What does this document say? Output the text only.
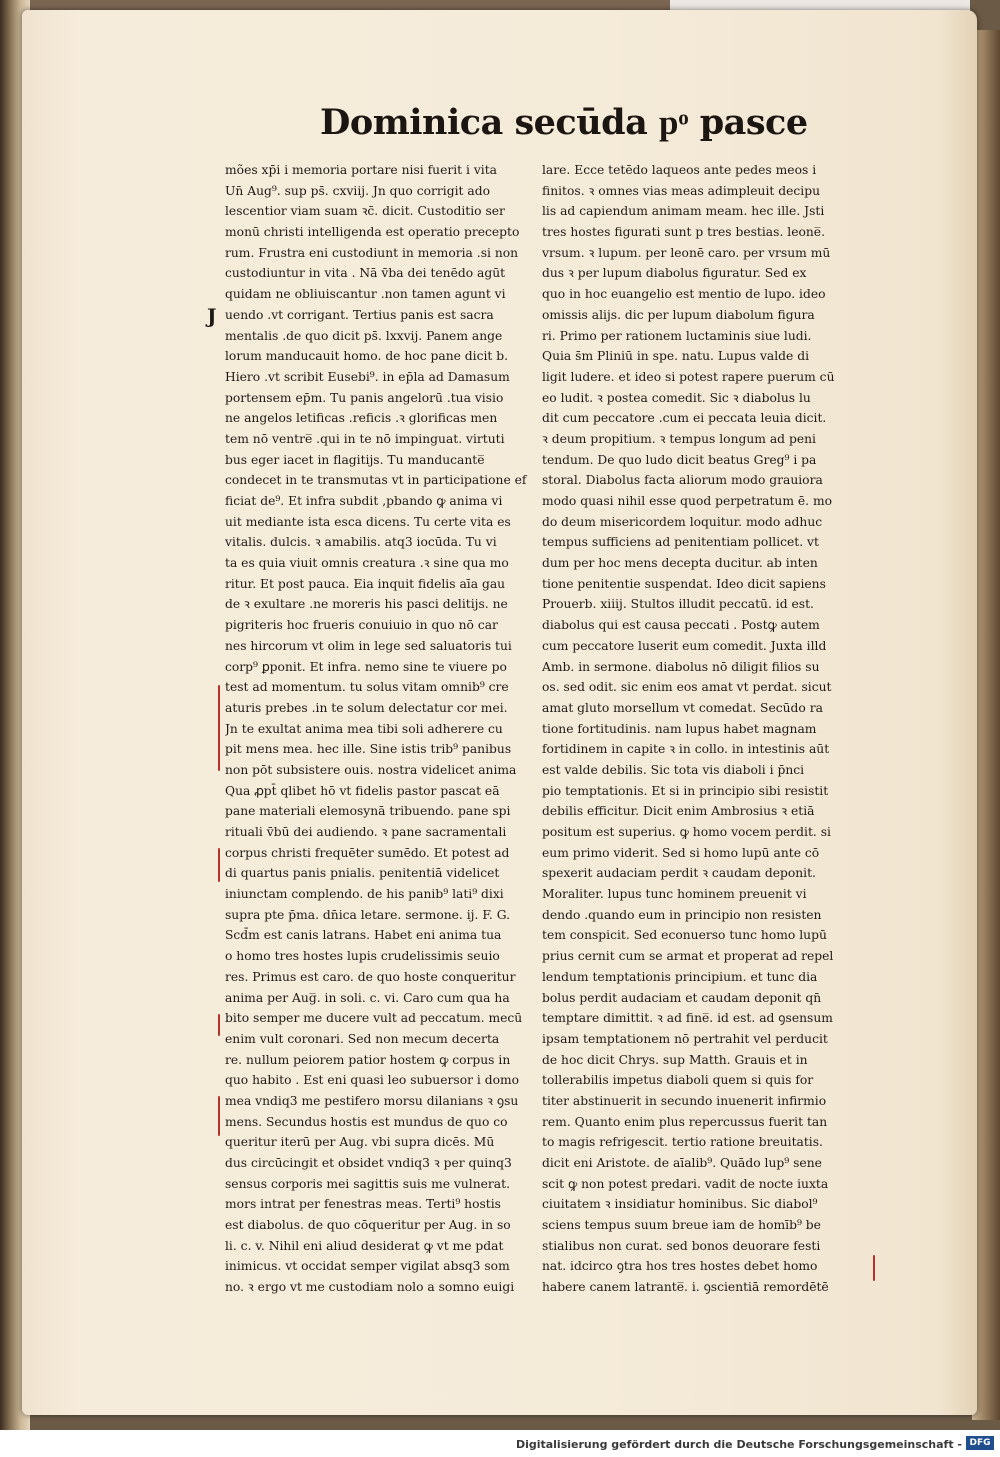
Dominica secūda pͦ pasce
J
mões xp̄i i memoria portare nisi fuerit i vita
Un̄ Aug⁹. sup ps̄. cxviij. Jn quo corrigit ado
lescentior viam suam ꝛc̄. dicit. Custoditio ser
monū christi intelligenda est operatio precepto
rum. Frustra eni custodiunt in memoria .si non
custodiuntur in vita . Nā v̄ba dei tenēdo agūt
quidam ne obliuiscantur .non tamen agunt vi
uendo .vt corrigant. Tertius panis est sacra
mentalis .de quo dicit ps̄. lxxvij. Panem ange
lorum manducauit homo. de hoc pane dicit b.
Hiero .vt scribit Eusebi⁹. in ep̄la ad Damasum
portensem ep̄m. Tu panis angelorū .tua visio
ne angelos letificas .reficis .ꝛ glorificas men
tem nō ventre̅ .qui in te nō impinguat. virtuti
bus eger iacet in flagitijs. Tu manducante̅
condecet in te transmutas vt in participatione ef
ficiat de⁹. Et infra subdit ,pbando ꝙ anima vi
uit mediante ista esca dicens. Tu certe vita es
vitalis. dulcis. ꝛ amabilis. atq3 iocūda. Tu vi
ta es quia viuit omnis creatura .ꝛ sine qua mo
ritur. Et post pauca. Eia inquit fidelis aīa gau
de ꝛ exultare .ne moreris his pasci delitijs. ne
pigriteris hoc frueris conuiuio in quo nō car
nes hircorum vt olim in lege sed saluatoris tui
corp⁹ ꝑponit. Et infra. nemo sine te viuere po
test ad momentum. tu solus vitam omnib⁹ cre
aturis prebes .in te solum delectatur cor mei.
Jn te exultat anima mea tibi soli adherere cu
pit mens mea. hec ille. Sine istis trib⁹ panibus
non pōt subsistere ouis. nostra videlicet anima
Qua ꝓpt̄ qlibet hō vt fidelis pastor pascat eā
pane materiali elemosynā tribuendo. pane spi
rituali v̄bū dei audiendo. ꝛ pane sacramentali
corpus christi frequēter sumēdo. Et potest ad
di quartus panis pnialis. penitentiā videlicet
iniunctam complendo. de his panib⁹ lati⁹ dixi
supra pte p̄ma. dn̄ica letare. sermone. ij. F. G.
Scd̄m est canis latrans. Habet eni anima tua
o homo tres hostes lupis crudelissimis seuio
res. Primus est caro. de quo hoste conqueritur
anima per Aug̅. in soli. c. vi. Caro cum qua ha
bito semper me ducere vult ad peccatum. mecū
enim vult coronari. Sed non mecum decerta
re. nullum peiorem patior hostem ꝙ corpus in
quo habito . Est eni quasi leo subuersor i domo
mea vndiq3 me pestifero morsu dilanians ꝛ ꝯsu
mens. Secundus hostis est mundus de quo co
queritur iterū per Aug. vbi supra dicēs. Mū
dus circūcingit et obsidet vndiq3 ꝛ per quinq3
sensus corporis mei sagittis suis me vulnerat.
mors intrat per fenestras meas. Terti⁹ hostis
est diabolus. de quo cōqueritur per Aug. in so
li. c. v. Nihil eni aliud desiderat ꝙ vt me pdat
inimicus. vt occidat semper vigilat absq3 som
no. ꝛ ergo vt me custodiam nolo a somno euigi
lare. Ecce tetēdo laqueos ante pedes meos i
finitos. ꝛ omnes vias meas adimpleuit decipu
lis ad capiendum animam meam. hec ille. Jsti
tres hostes figurati sunt p tres bestias. leone̅.
vrsum. ꝛ lupum. per leonē caro. per vrsum mū
dus ꝛ per lupum diabolus figuratur. Sed ex
quo in hoc euangelio est mentio de lupo. ideo
omissis alijs. dic per lupum diabolum figura
ri. Primo per rationem luctaminis siue ludi.
Quia s̄m Pliniū in spe. natu. Lupus valde di
ligit ludere. et ideo si potest rapere puerum cū
eo ludit. ꝛ postea comedit. Sic ꝛ diabolus lu
dit cum peccatore .cum ei peccata leuia dicit.
ꝛ deum propitium. ꝛ tempus longum ad peni
tendum. De quo ludo dicit beatus Greg⁹ i pa
storal. Diabolus facta aliorum modo grauiora
modo quasi nihil esse quod perpetratum ē. mo
do deum misericordem loquitur. modo adhuc
tempus sufficiens ad penitentiam pollicet. vt
dum per hoc mens decepta ducitur. ab inten
tione penitentie suspendat. Ideo dicit sapiens
Prouerb. xiiij. Stultos illudit peccatū. id est.
diabolus qui est causa peccati . Postꝙ autem
cum peccatore luserit eum comedit. Juxta illd
Amb. in sermone. diabolus nō diligit filios su
os. sed odit. sic enim eos amat vt perdat. sicut
amat gluto morsellum vt comedat. Secūdo ra
tione fortitudinis. nam lupus habet magnam
fortidinem in capite ꝛ in collo. in intestinis aūt
est valde debilis. Sic tota vis diaboli i p̄nci
pio temptationis. Et si in principio sibi resistit
debilis efficitur. Dicit enim Ambrosius ꝛ etiā
positum est superius. ꝙ homo vocem perdit. si
eum primo viderit. Sed si homo lupū ante cō
spexerit audaciam perdit ꝛ caudam deponit.
Moraliter. lupus tunc hominem preuenit vi
dendo .quando eum in principio non resisten
tem conspicit. Sed econuerso tunc homo lupū
prius cernit cum se armat et properat ad repel
lendum temptationis principium. et tunc dia
bolus perdit audaciam et caudam deponit qn̄
temptare dimittit. ꝛ ad fine̅. id est. ad ꝯsensum
ipsam temptationem nō pertrahit vel perducit
de hoc dicit Chrys. sup Matth. Grauis et in
tollerabilis impetus diaboli quem si quis for
titer abstinuerit in secundo inuenerit infirmio
rem. Quanto enim plus repercussus fuerit tan
to magis refrigescit. tertio ratione breuitatis.
dicit eni Aristote. de aīalib⁹. Quādo lup⁹ sene
scit ꝙ non potest predari. vadit de nocte iuxta
ciuitatem ꝛ insidiatur hominibus. Sic diabol⁹
sciens tempus suum breue iam de homīb⁹ be
stialibus non curat. sed bonos deuorare festi
nat. idcirco ꝯtra hos tres hostes debet homo
habere canem latrante̅. i. ꝯscientiā remordētē
Digitalisierung gefördert durch die Deutsche Forschungsgemeinschaft - DFG
